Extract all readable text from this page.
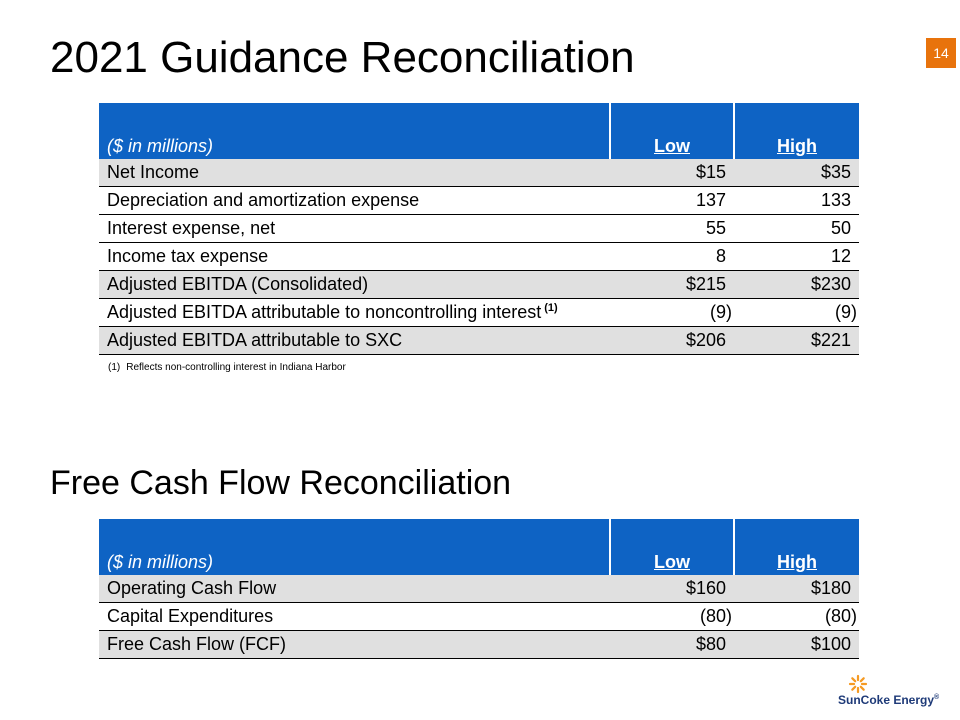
2021 Guidance Reconciliation	14
($ in millions)	Low	High
Net Income	$15	$35
Depreciation and amortization expense	137	133
Interest expense, net	55	50
Income tax expense	8	12
Adjusted EBITDA (Consolidated)	$215	$230
Adjusted EBITDA attributable to noncontrolling interest $^{(1)}$	(9)	(9)
Adjusted EBITDA attributable to SXC	$206	$221
(1) Reflects non-controlling interest in Indiana Harbor
Free Cash Flow Reconciliation
($ in millions)	Low	High
Operating Cash Flow	$160	$180
Capital Expenditures	(80)	(80)
Free Cash Flow (FCF)	$80	$100
SunCoke Energy®
